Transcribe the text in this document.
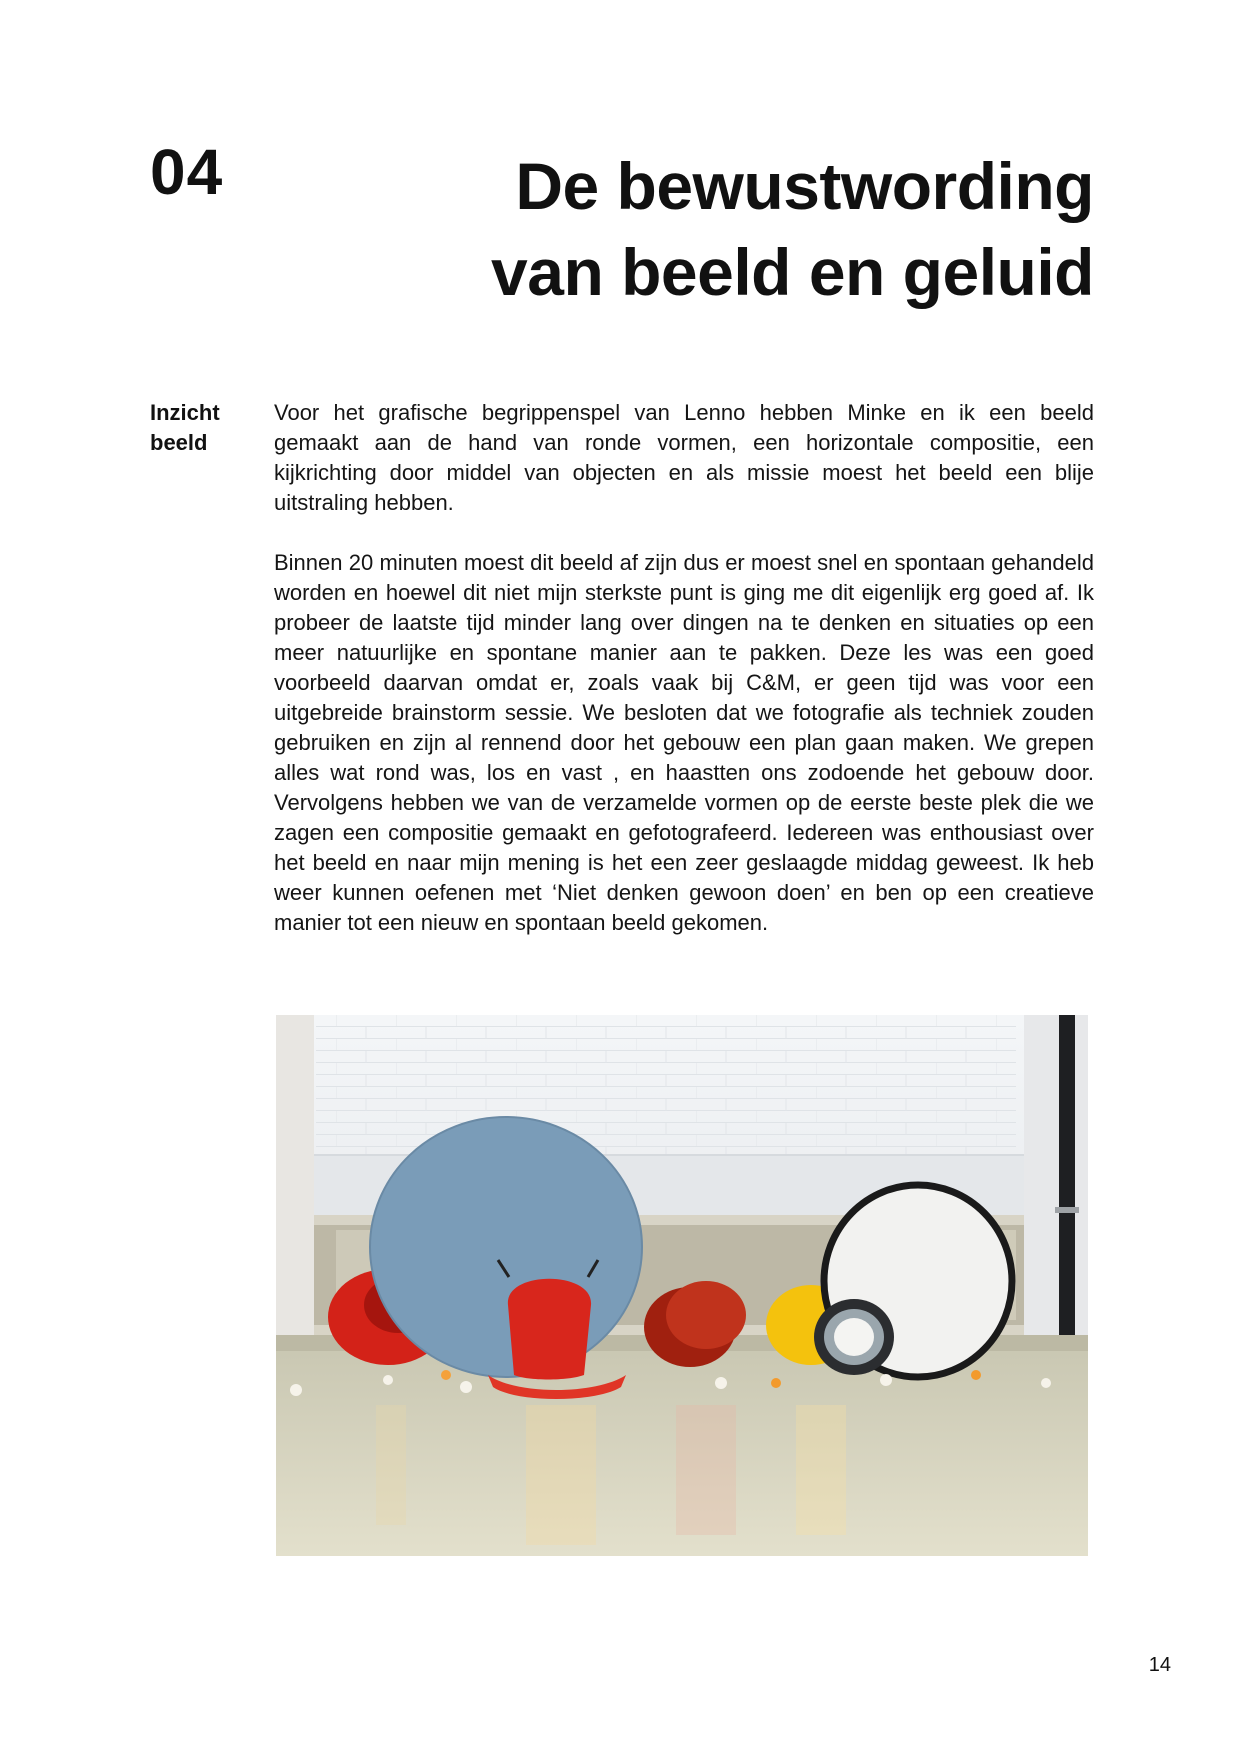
04	De bewustwording
van beeld en geluid
Inzicht
beeld

Voor het grafische begrippenspel van Lenno hebben Minke en ik een beeld gemaakt aan de hand van ronde vormen, een horizontale compositie, een kijkrichting door middel van objecten en als missie moest het beeld een blije uitstraling hebben.

Binnen 20 minuten moest dit beeld af zijn dus er moest snel en spontaan gehandeld worden en hoewel dit niet mijn sterkste punt is ging me dit eigenlijk erg goed af. Ik probeer de laatste tijd minder lang over dingen na te denken en situaties op een meer natuurlijke en spontane manier aan te pakken. Deze les was een goed voorbeeld daarvan omdat er, zoals vaak bij C&M, er geen tijd was voor een uitgebreide brainstorm sessie. We besloten dat we fotografie als techniek zouden gebruiken en zijn al rennend door het gebouw een plan gaan maken. We grepen alles wat rond was, los en vast , en haastten ons zodoende het gebouw door. Vervolgens hebben we van de verzamelde vormen op de eerste beste plek die we zagen een compositie gemaakt en gefotografeerd. Iedereen was enthousiast over het beeld en naar mijn mening is het een zeer geslaagde middag geweest. Ik heb weer kunnen oefenen met ‘Niet denken gewoon doen’ en ben op een creatieve manier tot een nieuw en spontaan beeld gekomen.

14
